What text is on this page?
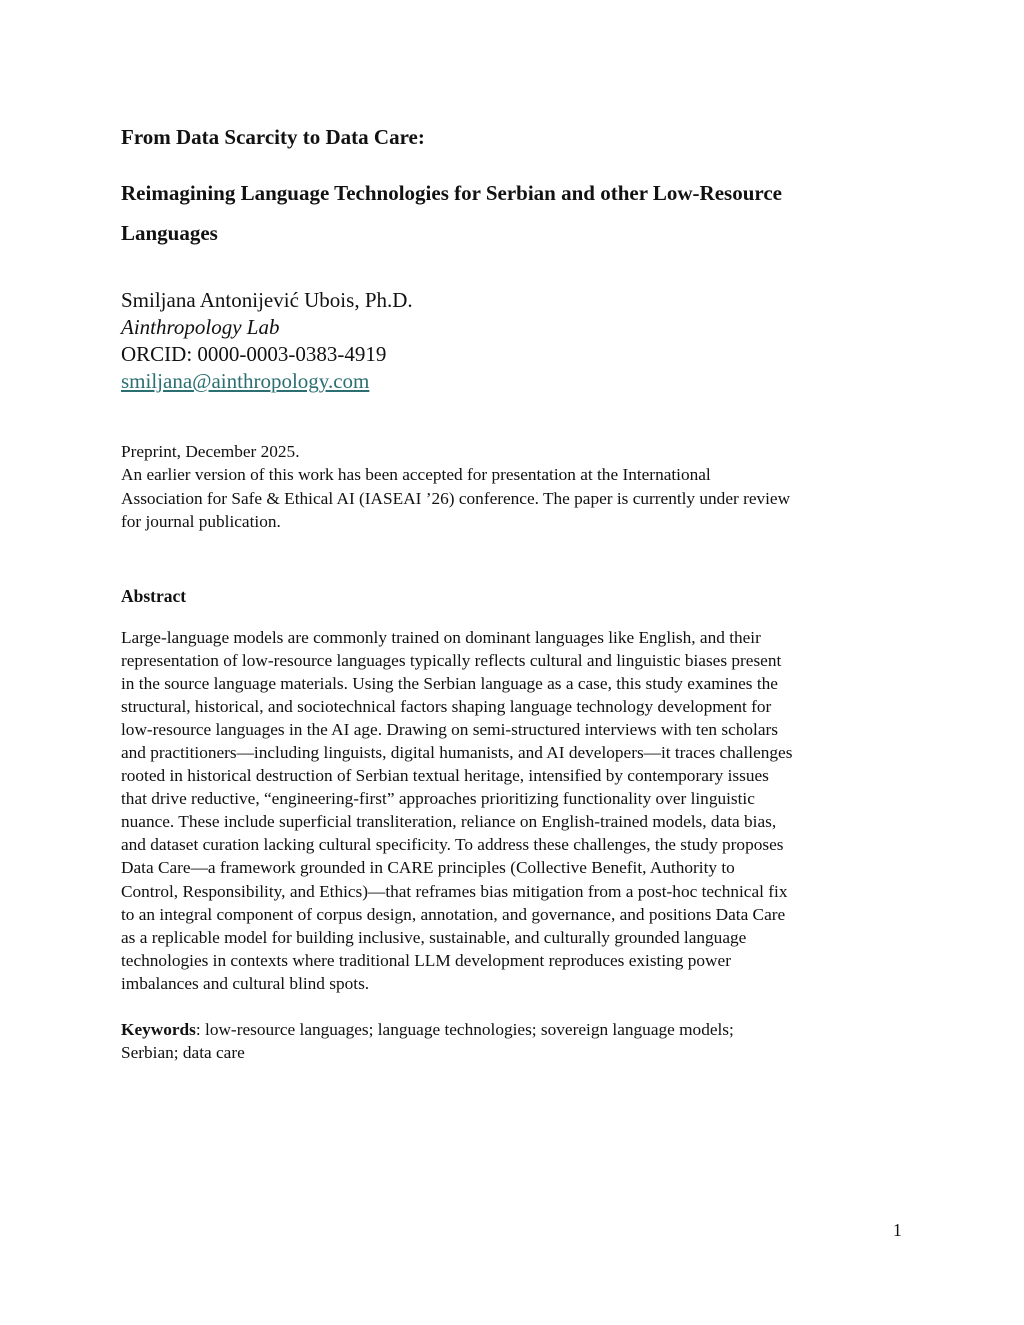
From Data Scarcity to Data Care:
Reimagining Language Technologies for Serbian and other Low-Resource
Languages
Smiljana Antonijević Ubois, Ph.D.
Ainthropology Lab
ORCID: 0000-0003-0383-4919
smiljana@ainthropology.com
Preprint, December 2025.
An earlier version of this work has been accepted for presentation at the International
Association for Safe & Ethical AI (IASEAI ’26) conference. The paper is currently under review
for journal publication.
Abstract
Large-language models are commonly trained on dominant languages like English, and their
representation of low-resource languages typically reflects cultural and linguistic biases present
in the source language materials. Using the Serbian language as a case, this study examines the
structural, historical, and sociotechnical factors shaping language technology development for
low-resource languages in the AI age. Drawing on semi-structured interviews with ten scholars
and practitioners—including linguists, digital humanists, and AI developers—it traces challenges
rooted in historical destruction of Serbian textual heritage, intensified by contemporary issues
that drive reductive, “engineering-first” approaches prioritizing functionality over linguistic
nuance. These include superficial transliteration, reliance on English-trained models, data bias,
and dataset curation lacking cultural specificity. To address these challenges, the study proposes
Data Care—a framework grounded in CARE principles (Collective Benefit, Authority to
Control, Responsibility, and Ethics)—that reframes bias mitigation from a post-hoc technical fix
to an integral component of corpus design, annotation, and governance, and positions Data Care
as a replicable model for building inclusive, sustainable, and culturally grounded language
technologies in contexts where traditional LLM development reproduces existing power
imbalances and cultural blind spots.
Keywords: low-resource languages; language technologies; sovereign language models;
Serbian; data care
1
